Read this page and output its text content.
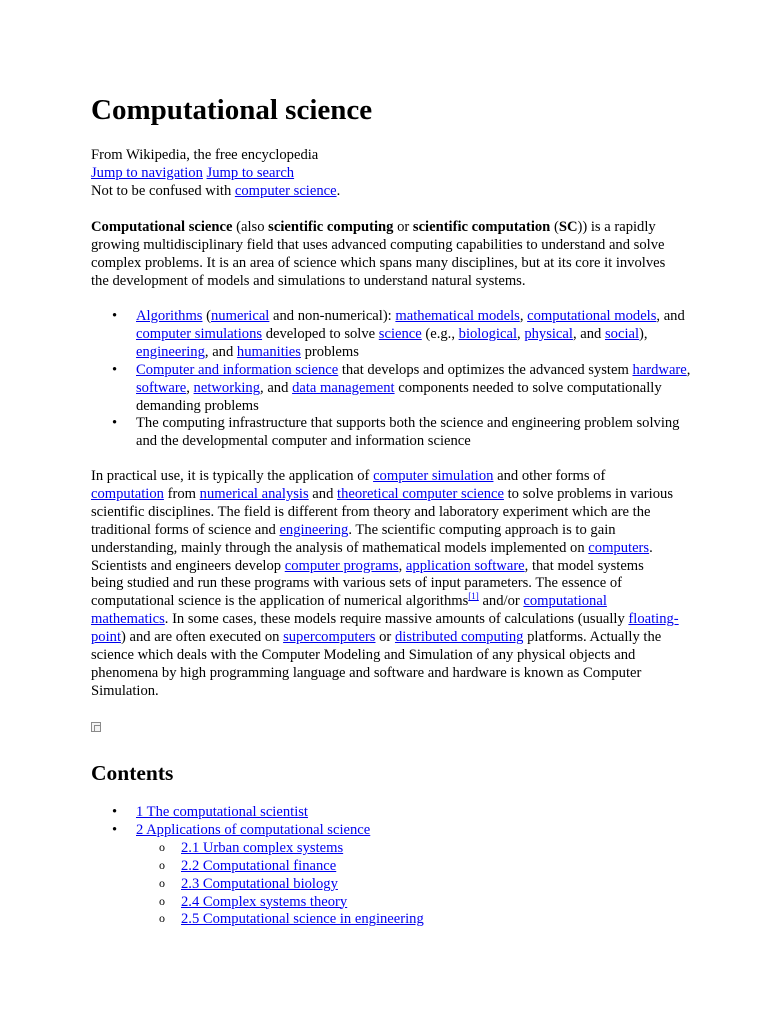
Computational science
From Wikipedia, the free encyclopedia
Jump to navigation Jump to search
Not to be confused with computer science.

Computational science (also scientific computing or scientific computation (SC)) is a rapidly growing multidisciplinary field that uses advanced computing capabilities to understand and solve complex problems. It is an area of science which spans many disciplines, but at its core it involves the development of models and simulations to understand natural systems.

• Algorithms (numerical and non-numerical): mathematical models, computational models, and computer simulations developed to solve science (e.g., biological, physical, and social), engineering, and humanities problems
• Computer and information science that develops and optimizes the advanced system hardware, software, networking, and data management components needed to solve computationally demanding problems
• The computing infrastructure that supports both the science and engineering problem solving and the developmental computer and information science

In practical use, it is typically the application of computer simulation and other forms of computation from numerical analysis and theoretical computer science to solve problems in various scientific disciplines. The field is different from theory and laboratory experiment which are the traditional forms of science and engineering. The scientific computing approach is to gain understanding, mainly through the analysis of mathematical models implemented on computers. Scientists and engineers develop computer programs, application software, that model systems being studied and run these programs with various sets of input parameters. The essence of computational science is the application of numerical algorithms[1] and/or computational mathematics. In some cases, these models require massive amounts of calculations (usually floating-point) and are often executed on supercomputers or distributed computing platforms. Actually the science which deals with the Computer Modeling and Simulation of any physical objects and phenomena by high programming language and software and hardware is known as Computer Simulation.

Contents
• 1 The computational scientist
• 2 Applications of computational science
o 2.1 Urban complex systems
o 2.2 Computational finance
o 2.3 Computational biology
o 2.4 Complex systems theory
o 2.5 Computational science in engineering
